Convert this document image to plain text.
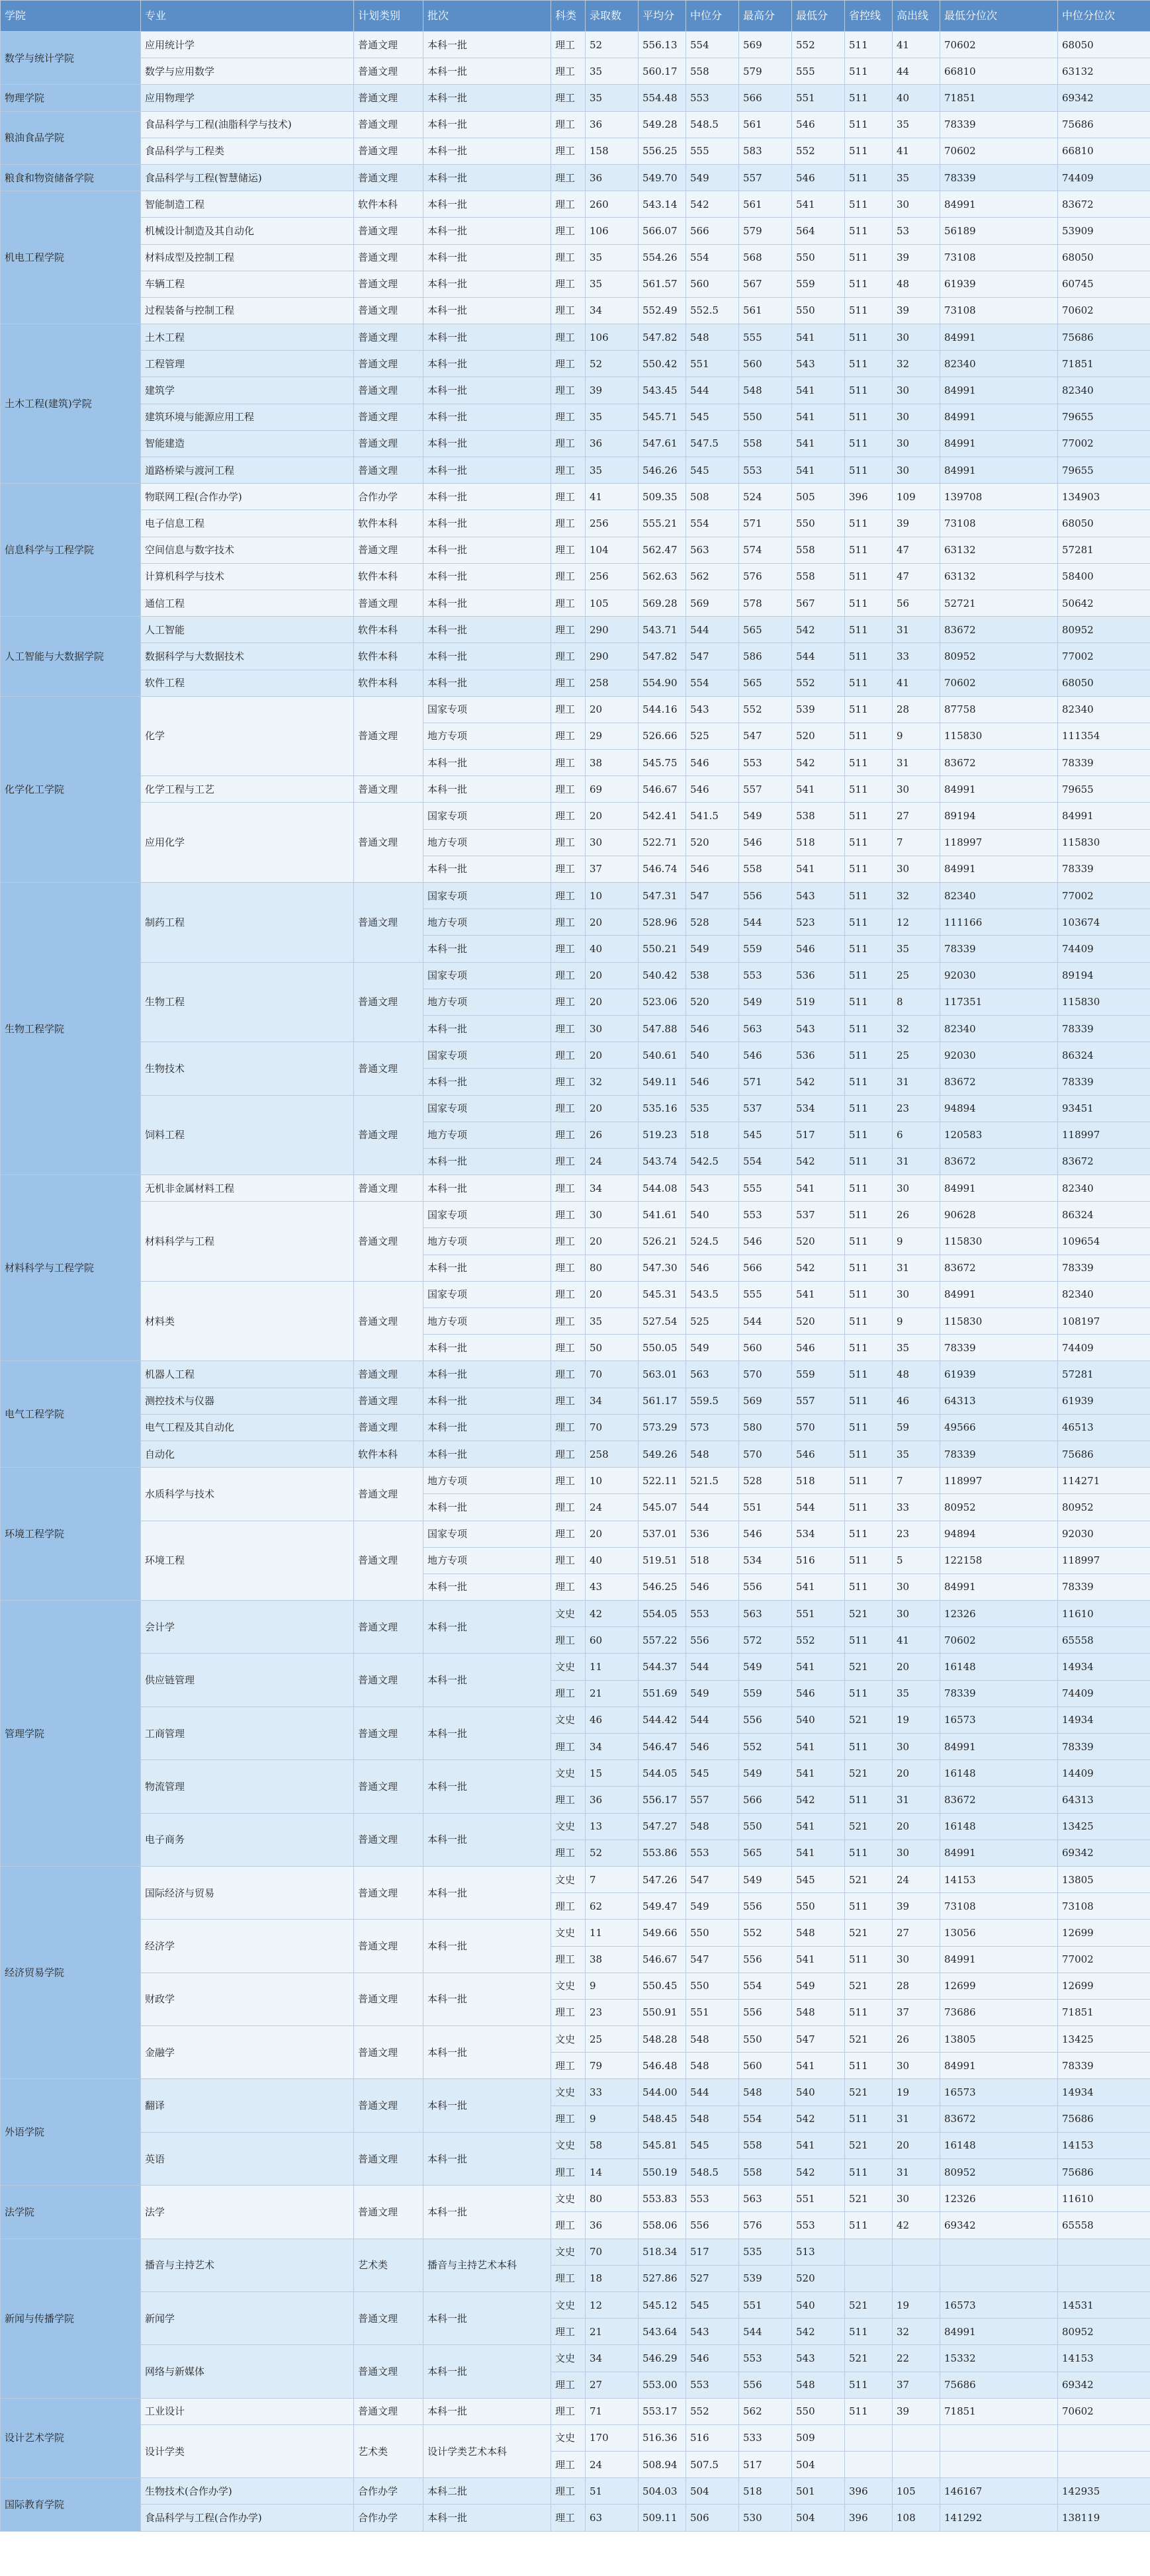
学院	专业	计划类别	批次	科类	录取数	平均分	中位分	最高分	最低分	省控线	高出线	最低分位次	中位分位次
数学与统计学院	应用统计学	普通文理	本科一批	理工	52	556.13	554	569	552	511	41	70602	68050
	数学与应用数学	普通文理	本科一批	理工	35	560.17	558	579	555	511	44	66810	63132
物理学院	应用物理学	普通文理	本科一批	理工	35	554.48	553	566	551	511	40	71851	69342
粮油食品学院	食品科学与工程(油脂科学与技术)	普通文理	本科一批	理工	36	549.28	548.5	561	546	511	35	78339	75686
	食品科学与工程类	普通文理	本科一批	理工	158	556.25	555	583	552	511	41	70602	66810
粮食和物资储备学院	食品科学与工程(智慧储运)	普通文理	本科一批	理工	36	549.70	549	557	546	511	35	78339	74409
机电工程学院	智能制造工程	软件本科	本科一批	理工	260	543.14	542	561	541	511	30	84991	83672
	机械设计制造及其自动化	普通文理	本科一批	理工	106	566.07	566	579	564	511	53	56189	53909
	材料成型及控制工程	普通文理	本科一批	理工	35	554.26	554	568	550	511	39	73108	68050
	车辆工程	普通文理	本科一批	理工	35	561.57	560	567	559	511	48	61939	60745
	过程装备与控制工程	普通文理	本科一批	理工	34	552.49	552.5	561	550	511	39	73108	70602
土木工程(建筑)学院	土木工程	普通文理	本科一批	理工	106	547.82	548	555	541	511	30	84991	75686
	工程管理	普通文理	本科一批	理工	52	550.42	551	560	543	511	32	82340	71851
	建筑学	普通文理	本科一批	理工	39	543.45	544	548	541	511	30	84991	82340
	建筑环境与能源应用工程	普通文理	本科一批	理工	35	545.71	545	550	541	511	30	84991	79655
	智能建造	普通文理	本科一批	理工	36	547.61	547.5	558	541	511	30	84991	77002
	道路桥梁与渡河工程	普通文理	本科一批	理工	35	546.26	545	553	541	511	30	84991	79655
信息科学与工程学院	物联网工程(合作办学)	合作办学	本科一批	理工	41	509.35	508	524	505	396	109	139708	134903
	电子信息工程	软件本科	本科一批	理工	256	555.21	554	571	550	511	39	73108	68050
	空间信息与数字技术	普通文理	本科一批	理工	104	562.47	563	574	558	511	47	63132	57281
	计算机科学与技术	软件本科	本科一批	理工	256	562.63	562	576	558	511	47	63132	58400
	通信工程	普通文理	本科一批	理工	105	569.28	569	578	567	511	56	52721	50642
人工智能与大数据学院	人工智能	软件本科	本科一批	理工	290	543.71	544	565	542	511	31	83672	80952
	数据科学与大数据技术	软件本科	本科一批	理工	290	547.82	547	586	544	511	33	80952	77002
	软件工程	软件本科	本科一批	理工	258	554.90	554	565	552	511	41	70602	68050
化学化工学院	化学	普通文理	国家专项	理工	20	544.16	543	552	539	511	28	87758	82340
			地方专项	理工	29	526.66	525	547	520	511	9	115830	111354
			本科一批	理工	38	545.75	546	553	542	511	31	83672	78339
	化学工程与工艺	普通文理	本科一批	理工	69	546.67	546	557	541	511	30	84991	79655
	应用化学	普通文理	国家专项	理工	20	542.41	541.5	549	538	511	27	89194	84991
			地方专项	理工	30	522.71	520	546	518	511	7	118997	115830
			本科一批	理工	37	546.74	546	558	541	511	30	84991	78339
生物工程学院	制药工程	普通文理	国家专项	理工	10	547.31	547	556	543	511	32	82340	77002
			地方专项	理工	20	528.96	528	544	523	511	12	111166	103674
			本科一批	理工	40	550.21	549	559	546	511	35	78339	74409
	生物工程	普通文理	国家专项	理工	20	540.42	538	553	536	511	25	92030	89194
			地方专项	理工	20	523.06	520	549	519	511	8	117351	115830
			本科一批	理工	30	547.88	546	563	543	511	32	82340	78339
	生物技术	普通文理	国家专项	理工	20	540.61	540	546	536	511	25	92030	86324
			本科一批	理工	32	549.11	546	571	542	511	31	83672	78339
	饲料工程	普通文理	国家专项	理工	20	535.16	535	537	534	511	23	94894	93451
			地方专项	理工	26	519.23	518	545	517	511	6	120583	118997
			本科一批	理工	24	543.74	542.5	554	542	511	31	83672	83672
材料科学与工程学院	无机非金属材料工程	普通文理	本科一批	理工	34	544.08	543	555	541	511	30	84991	82340
	材料科学与工程	普通文理	国家专项	理工	30	541.61	540	553	537	511	26	90628	86324
			地方专项	理工	20	526.21	524.5	546	520	511	9	115830	109654
			本科一批	理工	80	547.30	546	566	542	511	31	83672	78339
	材料类	普通文理	国家专项	理工	20	545.31	543.5	555	541	511	30	84991	82340
			地方专项	理工	35	527.54	525	544	520	511	9	115830	108197
			本科一批	理工	50	550.05	549	560	546	511	35	78339	74409
电气工程学院	机器人工程	普通文理	本科一批	理工	70	563.01	563	570	559	511	48	61939	57281
	测控技术与仪器	普通文理	本科一批	理工	34	561.17	559.5	569	557	511	46	64313	61939
	电气工程及其自动化	普通文理	本科一批	理工	70	573.29	573	580	570	511	59	49566	46513
	自动化	软件本科	本科一批	理工	258	549.26	548	570	546	511	35	78339	75686
环境工程学院	水质科学与技术	普通文理	地方专项	理工	10	522.11	521.5	528	518	511	7	118997	114271
			本科一批	理工	24	545.07	544	551	544	511	33	80952	80952
	环境工程	普通文理	国家专项	理工	20	537.01	536	546	534	511	23	94894	92030
			地方专项	理工	40	519.51	518	534	516	511	5	122158	118997
			本科一批	理工	43	546.25	546	556	541	511	30	84991	78339
管理学院	会计学	普通文理	本科一批	文史	42	554.05	553	563	551	521	30	12326	11610
				理工	60	557.22	556	572	552	511	41	70602	65558
	供应链管理	普通文理	本科一批	文史	11	544.37	544	549	541	521	20	16148	14934
				理工	21	551.69	549	559	546	511	35	78339	74409
	工商管理	普通文理	本科一批	文史	46	544.42	544	556	540	521	19	16573	14934
				理工	34	546.47	546	552	541	511	30	84991	78339
	物流管理	普通文理	本科一批	文史	15	544.05	545	549	541	521	20	16148	14409
				理工	36	556.17	557	566	542	511	31	83672	64313
	电子商务	普通文理	本科一批	文史	13	547.27	548	550	541	521	20	16148	13425
				理工	52	553.86	553	565	541	511	30	84991	69342
经济贸易学院	国际经济与贸易	普通文理	本科一批	文史	7	547.26	547	549	545	521	24	14153	13805
				理工	62	549.47	549	556	550	511	39	73108	73108
	经济学	普通文理	本科一批	文史	11	549.66	550	552	548	521	27	13056	12699
				理工	38	546.67	547	556	541	511	30	84991	77002
	财政学	普通文理	本科一批	文史	9	550.45	550	554	549	521	28	12699	12699
				理工	23	550.91	551	556	548	511	37	73686	71851
	金融学	普通文理	本科一批	文史	25	548.28	548	550	547	521	26	13805	13425
				理工	79	546.48	548	560	541	511	30	84991	78339
外语学院	翻译	普通文理	本科一批	文史	33	544.00	544	548	540	521	19	16573	14934
				理工	9	548.45	548	554	542	511	31	83672	75686
	英语	普通文理	本科一批	文史	58	545.81	545	558	541	521	20	16148	14153
				理工	14	550.19	548.5	558	542	511	31	80952	75686
法学院	法学	普通文理	本科一批	文史	80	553.83	553	563	551	521	30	12326	11610
				理工	36	558.06	556	576	553	511	42	69342	65558
新闻与传播学院	播音与主持艺术	艺术类	播音与主持艺术本科	文史	70	518.34	517	535	513				
				理工	18	527.86	527	539	520				
	新闻学	普通文理	本科一批	文史	12	545.12	545	551	540	521	19	16573	14531
				理工	21	543.64	543	544	542	511	32	84991	80952
	网络与新媒体	普通文理	本科一批	文史	34	546.29	546	553	543	521	22	15332	14153
				理工	27	553.00	553	556	548	511	37	75686	69342
设计艺术学院	工业设计	普通文理	本科一批	理工	71	553.17	552	562	550	511	39	71851	70602
	设计学类	艺术类	设计学类艺术本科	文史	170	516.36	516	533	509				
				理工	24	508.94	507.5	517	504				
国际教育学院	生物技术(合作办学)	合作办学	本科二批	理工	51	504.03	504	518	501	396	105	146167	142935
	食品科学与工程(合作办学)	合作办学	本科一批	理工	63	509.11	506	530	504	396	108	141292	138119
